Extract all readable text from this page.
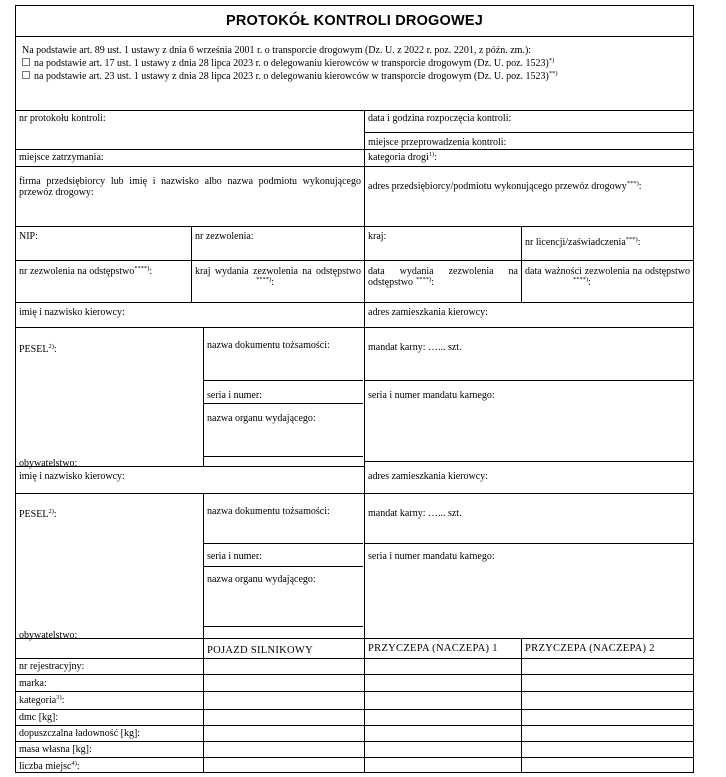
PROTOKÓŁ KONTROLI DROGOWEJ
Na podstawie art. 89 ust. 1 ustawy z dnia 6 września 2001 r. o transporcie drogowym (Dz. U. z 2022 r. poz. 2201, z późn. zm.):
na podstawie art. 17 ust. 1 ustawy z dnia 28 lipca 2023 r. o delegowaniu kierowców w transporcie drogowym (Dz. U. poz. 1523)*)
na podstawie art. 23 ust. 1 ustawy z dnia 28 lipca 2023 r. o delegowaniu kierowców w transporcie drogowym (Dz. U. poz. 1523)**)
nr protokołu kontroli:	data i godzina rozpoczęcia kontroli:
miejsce przeprowadzenia kontroli:
miejsce zatrzymania:	kategoria drogi$^{1)}$:
firma przedsiębiorcy lub imię i nazwisko albo nazwa podmiotu wykonującego przewóz drogowy:
adres przedsiębiorcy/podmiotu wykonującego przewóz drogowy***):
NIP:	nr zezwolenia:	kraj:
nr licencji/zaświadczenia***):
nr zezwolenia na odstępstwo****):	kraj wydania zezwolenia na odstępstwo
****):
data wydania zezwolenia na odstępstwo ****):
data ważności zezwolenia na odstępstwo
****):
imię i nazwisko kierowcy:	adres zamieszkania kierowcy:
PESEL$^{2)}$:	nazwa dokumentu tożsamości:	mandat karny: …... szt.
seria i numer:	seria i numer mandatu karnego:
nazwa organu wydającego:
obywatelstwo:
imię i nazwisko kierowcy:	adres zamieszkania kierowcy:
PESEL$^{2)}$:	nazwa dokumentu tożsamości:	mandat karny: …... szt.
seria i numer:	seria i numer mandatu karnego:
nazwa organu wydającego:
obywatelstwo:
POJAZD SILNIKOWY	PRZYCZEPA (NACZEPA) 1	PRZYCZEPA (NACZEPA) 2
nr rejestracyjny:
marka:
kategoria$^{3)}$:
dmc [kg]:
dopuszczalna ładowność [kg]:
masa własna [kg]:
liczba miejsc$^{4)}$:
